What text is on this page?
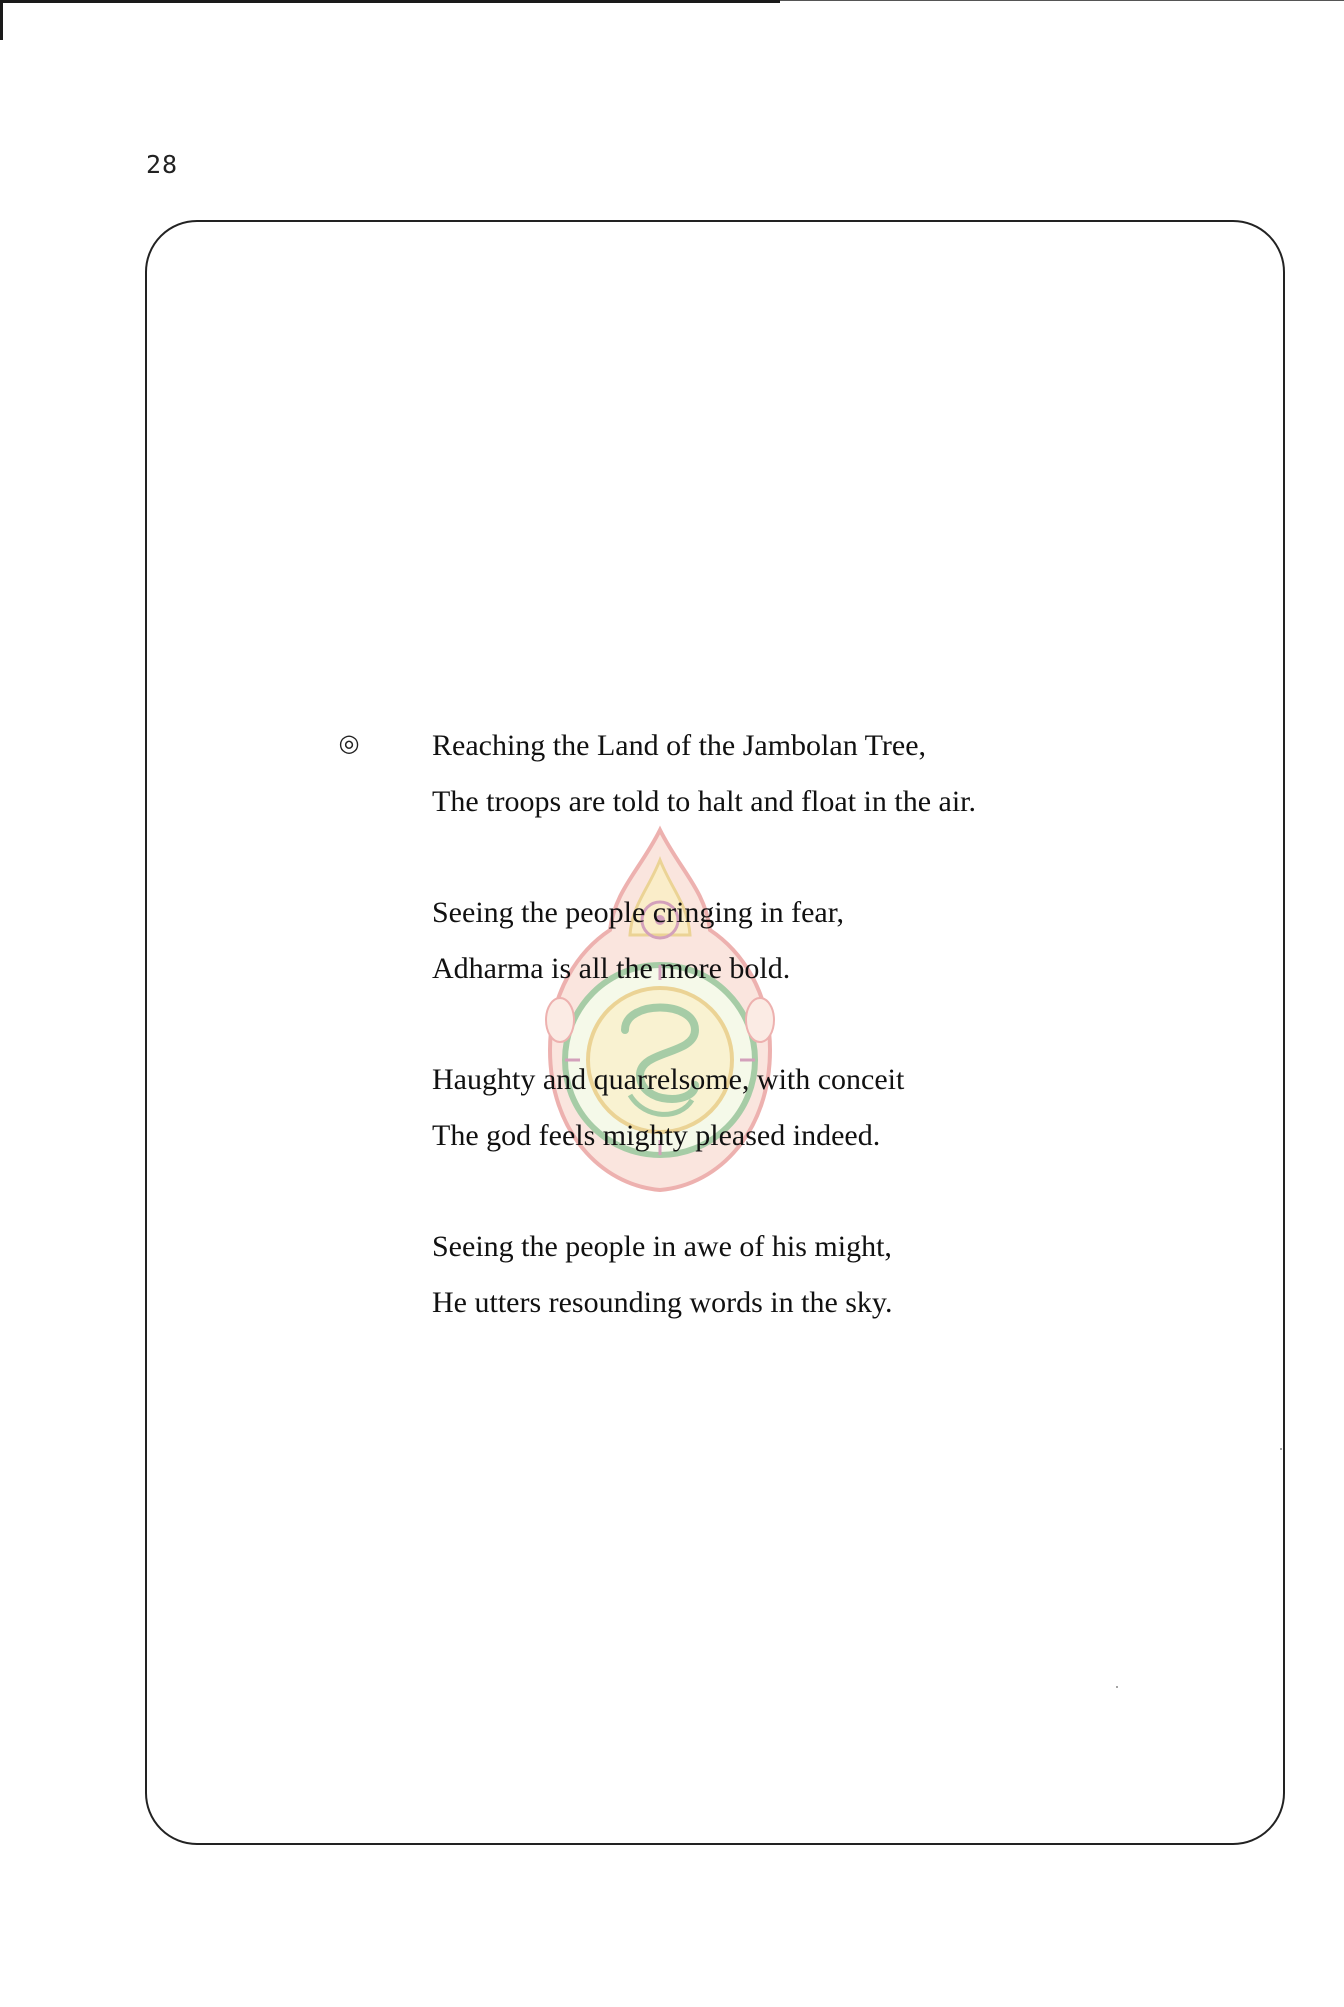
28
◎ Reaching the Land of the Jambolan Tree,
The troops are told to halt and float in the air.
Seeing the people cringing in fear,
Adharma is all the more bold.
Haughty and quarrelsome, with conceit
The god feels mighty pleased indeed.
Seeing the people in awe of his might,
He utters resounding words in the sky.
